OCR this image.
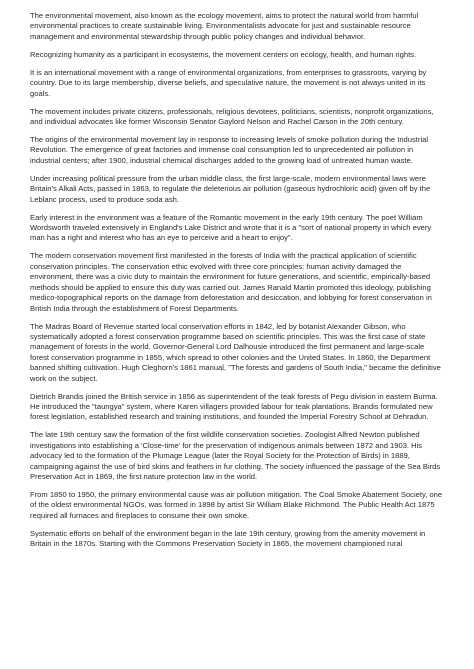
The environmental movement, also known as the ecology movement, aims to protect the natural world from harmful environmental practices to create sustainable living. Environmentalists advocate for just and sustainable resource management and environmental stewardship through public policy changes and individual behavior.

Recognizing humanity as a participant in ecosystems, the movement centers on ecology, health, and human rights.

It is an international movement with a range of environmental organizations, from enterprises to grassroots, varying by country. Due to its large membership, diverse beliefs, and speculative nature, the movement is not always united in its goals.

The movement includes private citizens, professionals, religious devotees, politicians, scientists, nonprofit organizations, and individual advocates like former Wisconsin Senator Gaylord Nelson and Rachel Carson in the 20th century.

The origins of the environmental movement lay in response to increasing levels of smoke pollution during the Industrial Revolution. The emergence of great factories and immense coal consumption led to unprecedented air pollution in industrial centers; after 1900, industrial chemical discharges added to the growing load of untreated human waste.

Under increasing political pressure from the urban middle class, the first large-scale, modern environmental laws were Britain's Alkali Acts, passed in 1863, to regulate the deleterious air pollution (gaseous hydrochloric acid) given off by the Leblanc process, used to produce soda ash.

Early interest in the environment was a feature of the Romantic movement in the early 19th century. The poet William Wordsworth traveled extensively in England's Lake District and wrote that it is a "sort of national property in which every man has a right and interest who has an eye to perceive and a heart to enjoy".

The modern conservation movement first manifested in the forests of India with the practical application of scientific conservation principles. The conservation ethic evolved with three core principles: human activity damaged the environment, there was a civic duty to maintain the environment for future generations, and scientific, empirically-based methods should be applied to ensure this duty was carried out. James Ranald Martin promoted this ideology, publishing medico-topographical reports on the damage from deforestation and desiccation, and lobbying for forest conservation in British India through the establishment of Forest Departments.

The Madras Board of Revenue started local conservation efforts in 1842, led by botanist Alexander Gibson, who systematically adopted a forest conservation programme based on scientific principles. This was the first case of state management of forests in the world. Governor-General Lord Dalhousie introduced the first permanent and large-scale forest conservation programme in 1855, which spread to other colonies and the United States. In 1860, the Department banned shifting cultivation. Hugh Cleghorn's 1861 manual, "The forests and gardens of South India," became the definitive work on the subject.

Dietrich Brandis joined the British service in 1856 as superintendent of the teak forests of Pegu division in eastern Burma. He introduced the "taungya" system, where Karen villagers provided labour for teak plantations. Brandis formulated new forest legislation, established research and training institutions, and founded the Imperial Forestry School at Dehradun.

The late 19th century saw the formation of the first wildlife conservation societies. Zoologist Alfred Newton published investigations into establishing a 'Close-time' for the preservation of indigenous animals between 1872 and 1903. His advocacy led to the formation of the Plumage League (later the Royal Society for the Protection of Birds) in 1889, campaigning against the use of bird skins and feathers in fur clothing. The society influenced the passage of the Sea Birds Preservation Act in 1869, the first nature protection law in the world.

From 1850 to 1950, the primary environmental cause was air pollution mitigation. The Coal Smoke Abatement Society, one of the oldest environmental NGOs, was formed in 1898 by artist Sir William Blake Richmond. The Public Health Act 1875 required all furnaces and fireplaces to consume their own smoke.

Systematic efforts on behalf of the environment began in the late 19th century, growing from the amenity movement in Britain in the 1870s. Starting with the Commons Preservation Society in 1865, the movement championed rural
